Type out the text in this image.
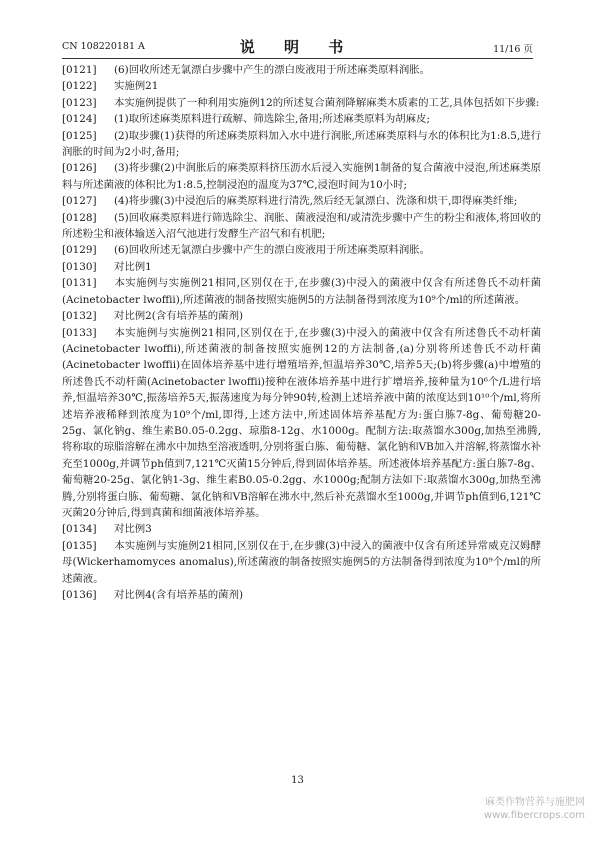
CN 108220181 A	说 明 书	11/16 页
[0121] (6)回收所述无氯漂白步骤中产生的漂白废液用于所述麻类原料润胀。
[0122] 实施例21
[0123] 本实施例提供了一种利用实施例12的所述复合菌剂降解麻类木质素的工艺,具体包括如下步骤:
[0124] (1)取所述麻类原料进行疏解、筛选除尘,备用;所述麻类原料为胡麻皮;
[0125] (2)取步骤(1)获得的所述麻类原料加入水中进行润胀,所述麻类原料与水的体积比为1:8.5,进行润胀的时间为2小时,备用;
[0126] (3)将步骤(2)中润胀后的麻类原料挤压沥水后浸入实施例1制备的复合菌液中浸泡,所述麻类原料与所述菌液的体积比为1:8.5,控制浸泡的温度为37℃,浸泡时间为10小时;
[0127] (4)将步骤(3)中浸泡后的麻类原料进行清洗,然后经无氯漂白、洗涤和烘干,即得麻类纤维;
[0128] (5)回收麻类原料进行筛选除尘、润胀、菌液浸泡和/或清洗步骤中产生的粉尘和液体,将回收的所述粉尘和液体输送入沼气池进行发酵生产沼气和有机肥;
[0129] (6)回收所述无氯漂白步骤中产生的漂白废液用于所述麻类原料润胀。
[0130] 对比例1
[0131] 本实施例与实施例21相同,区别仅在于,在步骤(3)中浸入的菌液中仅含有所述鲁氏不动杆菌(Acinetobacter lwoffii),所述菌液的制备按照实施例5的方法制备得到浓度为10⁹个/ml的所述菌液。
[0132] 对比例2(含有培养基的菌剂)
[0133] 本实施例与实施例21相同,区别仅在于,在步骤(3)中浸入的菌液中仅含有所述鲁氏不动杆菌(Acinetobacter lwoffii),所述菌液的制备按照实施例12的方法制备,(a)分别将所述鲁氏不动杆菌(Acinetobacter lwoffii)在固体培养基中进行增殖培养,恒温培养30℃,培养5天;(b)将步骤(a)中增殖的所述鲁氏不动杆菌(Acinetobacter lwoffii)接种在液体培养基中进行扩增培养,接种量为10⁶个/L进行培养,恒温培养30℃,振荡培养5天,振荡速度为每分钟90转,检测上述培养液中菌的浓度达到10¹⁰个/ml,将所述培养液稀释到浓度为10⁹个/ml,即得,上述方法中,所述固体培养基配方为:蛋白胨7-8g、葡萄糖20-25g、氯化钠g、维生素B0.05-0.2gg、琼脂8-12g、水1000g。配制方法:取蒸馏水300g,加热至沸腾,将称取的琼脂溶解在沸水中加热至溶液透明,分别将蛋白胨、葡萄糖、氯化钠和VB加入并溶解,将蒸馏水补充至1000g,并调节ph值到7,121℃灭菌15分钟后,得到固体培养基。所述液体培养基配方:蛋白胨7-8g、葡萄糖20-25g、氯化钠1-3g、维生素B0.05-0.2gg、水1000g;配制方法如下:取蒸馏水300g,加热至沸腾,分别将蛋白胨、葡萄糖、氯化钠和VB溶解在沸水中,然后补充蒸馏水至1000g,并调节ph值到6,121℃灭菌20分钟后,得到真菌和细菌液体培养基。
[0134] 对比例3
[0135] 本实施例与实施例21相同,区别仅在于,在步骤(3)中浸入的菌液中仅含有所述异常威克汉姆酵母(Wickerhamomyces anomalus),所述菌液的制备按照实施例5的方法制备得到浓度为10⁹个/ml的所述菌液。
[0136] 对比例4(含有培养基的菌剂)
13
麻类作物营养与施肥网
www.fibercrops.com
